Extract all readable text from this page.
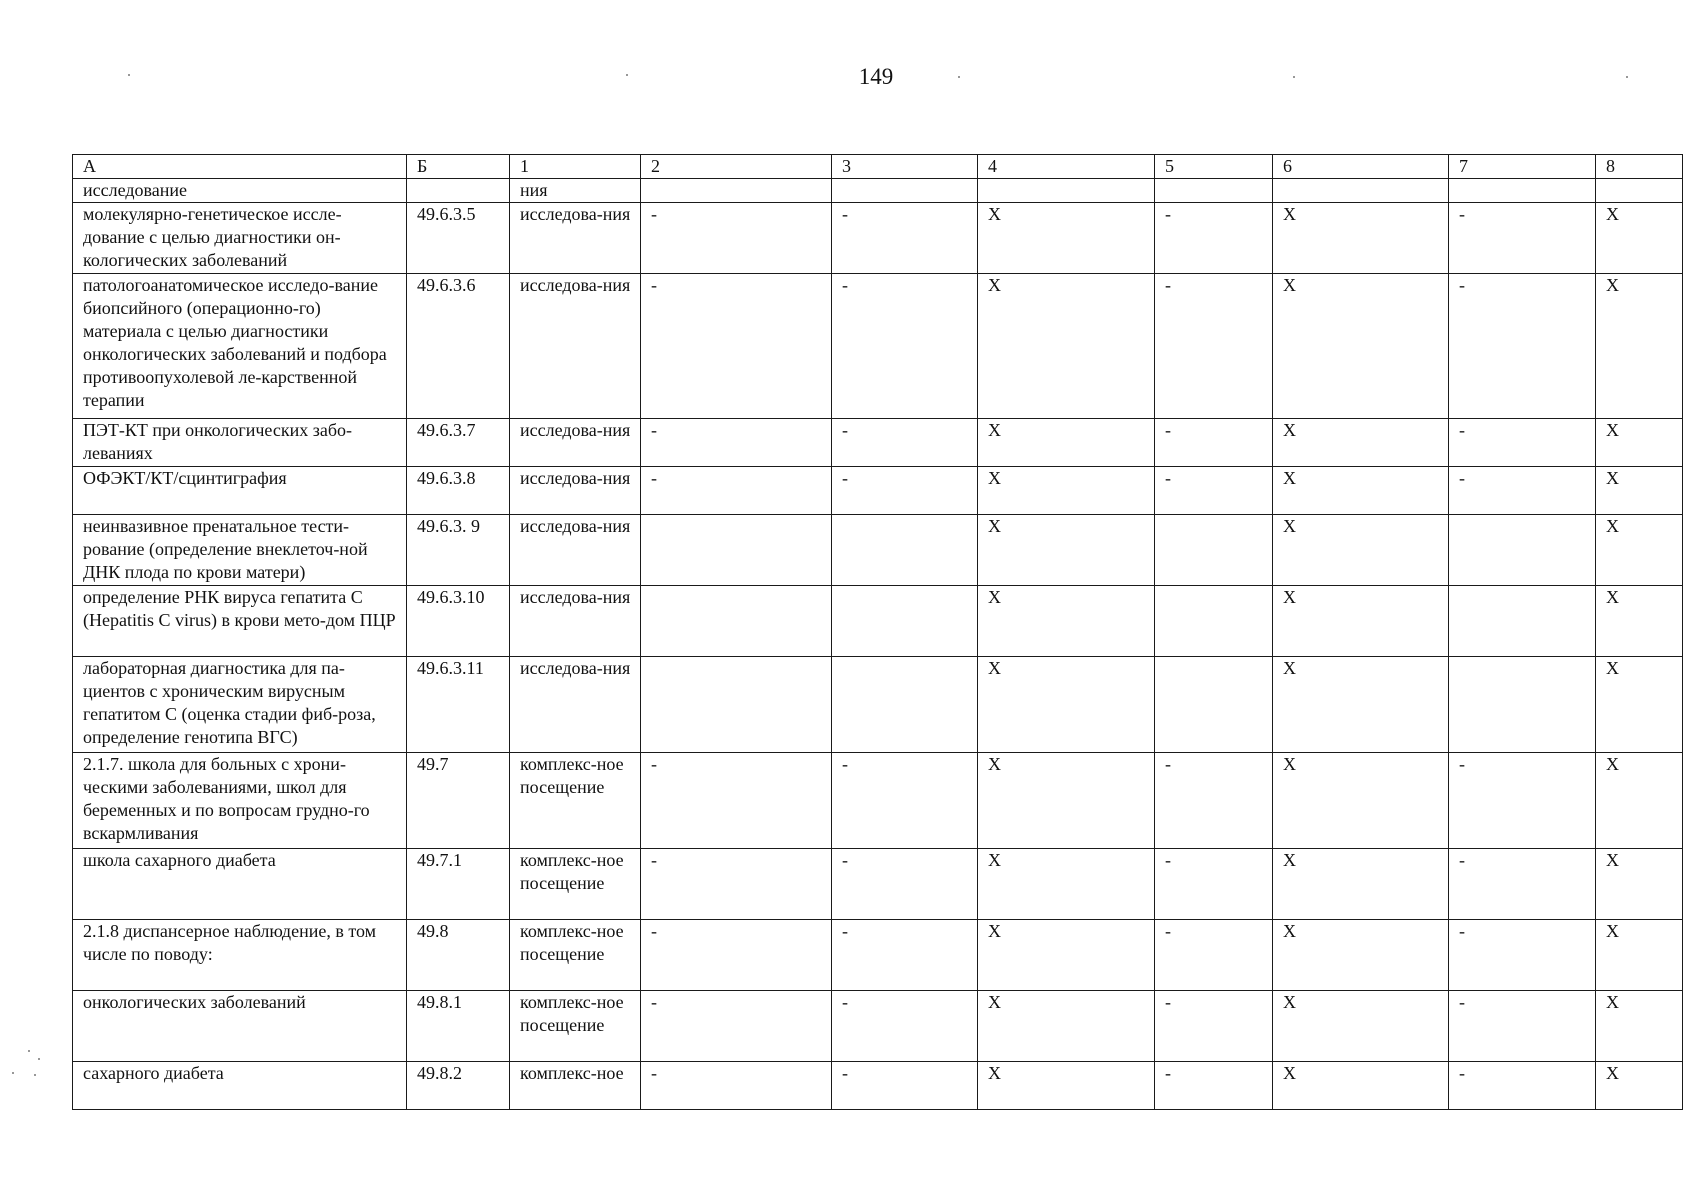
149
А	Б	1	2	3	4	5	6	7	8
исследование		ния							
молекулярно-генетическое иссле-дование с целью диагностики он-кологических заболеваний	49.6.3.5	исследова-ния	-	-	X	-	X	-	X
патологоанатомическое исследо-вание биопсийного (операционно-го) материала с целью диагностики онкологических заболеваний и подбора противоопухолевой ле-карственной терапии	49.6.3.6	исследова-ния	-	-	X	-	X	-	X
ПЭТ-КТ при онкологических забо-леваниях	49.6.3.7	исследова-ния	-	-	X	-	X	-	X
ОФЭКТ/КТ/сцинтиграфия	49.6.3.8	исследова-ния	-	-	X	-	X	-	X
неинвазивное пренатальное тести-рование (определение внеклеточ-ной ДНК плода по крови матери)	49.6.3. 9	исследова-ния			X		X		X
определение РНК вируса гепатита C (Hepatitis C virus) в крови мето-дом ПЦР	49.6.3.10	исследова-ния			X		X		X
лабораторная диагностика для па-циентов с хроническим вирусным гепатитом С (оценка стадии фиб-роза, определение генотипа ВГС)	49.6.3.11	исследова-ния			X		X		X
2.1.7. школа для больных с хрони-ческими заболеваниями, школ для беременных и по вопросам грудно-го вскармливания	49.7	комплекс-ное посещение	-	-	X	-	X	-	X
школа сахарного диабета	49.7.1	комплекс-ное посещение	-	-	X	-	X	-	X
2.1.8 диспансерное наблюдение, в том числе по поводу:	49.8	комплекс-ное посещение	-	-	X	-	X	-	X
онкологических заболеваний	49.8.1	комплекс-ное посещение	-	-	X	-	X	-	X
сахарного диабета	49.8.2	комплекс-ное	-	-	X	-	X	-	X
